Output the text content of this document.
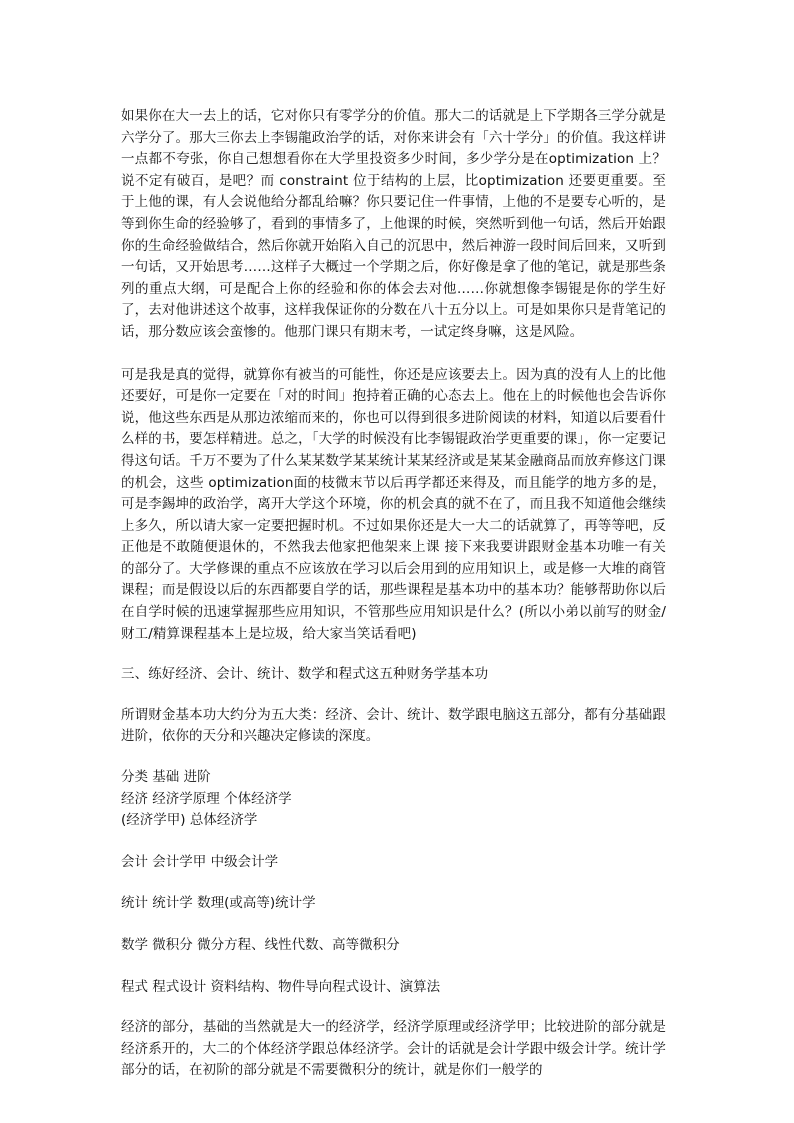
如果你在大一去上的话，它对你只有零学分的价值。那大二的话就是上下学期各三学分就是六学分了。那大三你去上李锡龍政治学的话，对你来讲会有「六十学分」的价值。我这样讲一点都不夸张，你自己想想看你在大学里投资多少时间，多少学分是在optimization 上？说不定有破百，是吧？而 constraint 位于结构的上层，比optimization 还要更重要。至于上他的课，有人会说他给分都乱给嘛？你只要记住一件事情，上他的不是要专心听的，是等到你生命的经验够了，看到的事情多了，上他课的时候，突然听到他一句话，然后开始跟你的生命经验做结合，然后你就开始陷入自己的沉思中，然后神游一段时间后回来，又听到一句话，又开始思考……这样子大概过一个学期之后，你好像是拿了他的笔记，就是那些条列的重点大纲，可是配合上你的经验和你的体会去对他……你就想像李锡锟是你的学生好了，去对他讲述这个故事，这样我保证你的分数在八十五分以上。可是如果你只是背笔记的话，那分数应该会蛮惨的。他那门课只有期末考，一试定终身嘛，这是风险。

可是我是真的觉得，就算你有被当的可能性，你还是应该要去上。因为真的没有人上的比他还要好，可是你一定要在「对的时间」抱持着正确的心态去上。他在上的时候他也会告诉你说，他这些东西是从那边浓缩而来的，你也可以得到很多进阶阅读的材料，知道以后要看什么样的书，要怎样精进。总之，「大学的时候没有比李锡锟政治学更重要的课」，你一定要记得这句话。千万不要为了什么某某数学某某统计某某经济或是某某金融商品而放弃修这门课的机会，这些 optimization面的枝微末节以后再学都还来得及，而且能学的地方多的是，可是李錫坤的政治学，离开大学这个环境，你的机会真的就不在了，而且我不知道他会继续上多久，所以请大家一定要把握时机。不过如果你还是大一大二的话就算了，再等等吧，反正他是不敢随便退休的，不然我去他家把他架来上课 接下来我要讲跟财金基本功唯一有关的部分了。大学修课的重点不应该放在学习以后会用到的应用知识上，或是修一大堆的商管课程；而是假设以后的东西都要自学的话，那些课程是基本功中的基本功？能够帮助你以后在自学时候的迅速掌握那些应用知识，不管那些应用知识是什么？(所以小弟以前写的财金/财工/精算课程基本上是垃圾，给大家当笑话看吧)

三、练好经济、会计、统计、数学和程式这五种财务学基本功

所谓财金基本功大约分为五大类：经济、会计、统计、数学跟电脑这五部分，都有分基础跟进阶，依你的天分和兴趣决定修读的深度。

分类 基础 进阶
经济 经济学原理 个体经济学
(经济学甲) 总体经济学
会计 会计学甲 中级会计学
统计 统计学 数理(或高等)统计学
数学 微积分 微分方程、线性代数、高等微积分
程式 程式设计 资料结构、物件导向程式设计、演算法

经济的部分，基础的当然就是大一的经济学，经济学原理或经济学甲；比较进阶的部分就是经济系开的，大二的个体经济学跟总体经济学。会计的话就是会计学跟中级会计学。统计学部分的话，在初阶的部分就是不需要微积分的统计，就是你们一般学的
